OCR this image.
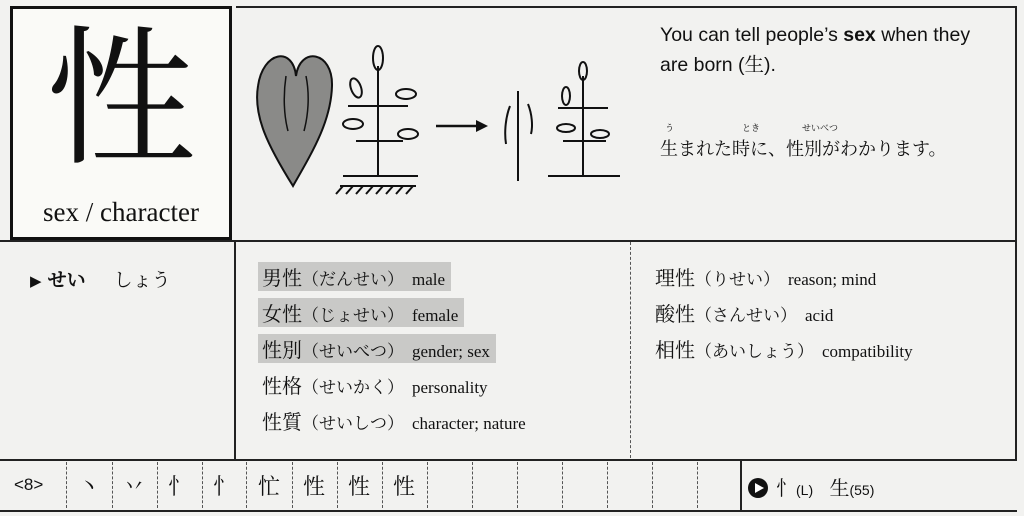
性
sex / character
You can tell people’s sex when they are born (生).
う	とき	せいべつ
生まれた時に、性別がわかります。
▶ せい しょう	男性（だんせい） male
女性（じょせい） female
性別（せいべつ） gender; sex
性格（せいかく） personality
性質（せいしつ） character; nature
理性（りせい） reason; mind
酸性（さんせい） acid
相性（あいしょう） compatibility
<8>	丶	丷	忄	忄	忙	性	性	性	忄(L) 生(55)
